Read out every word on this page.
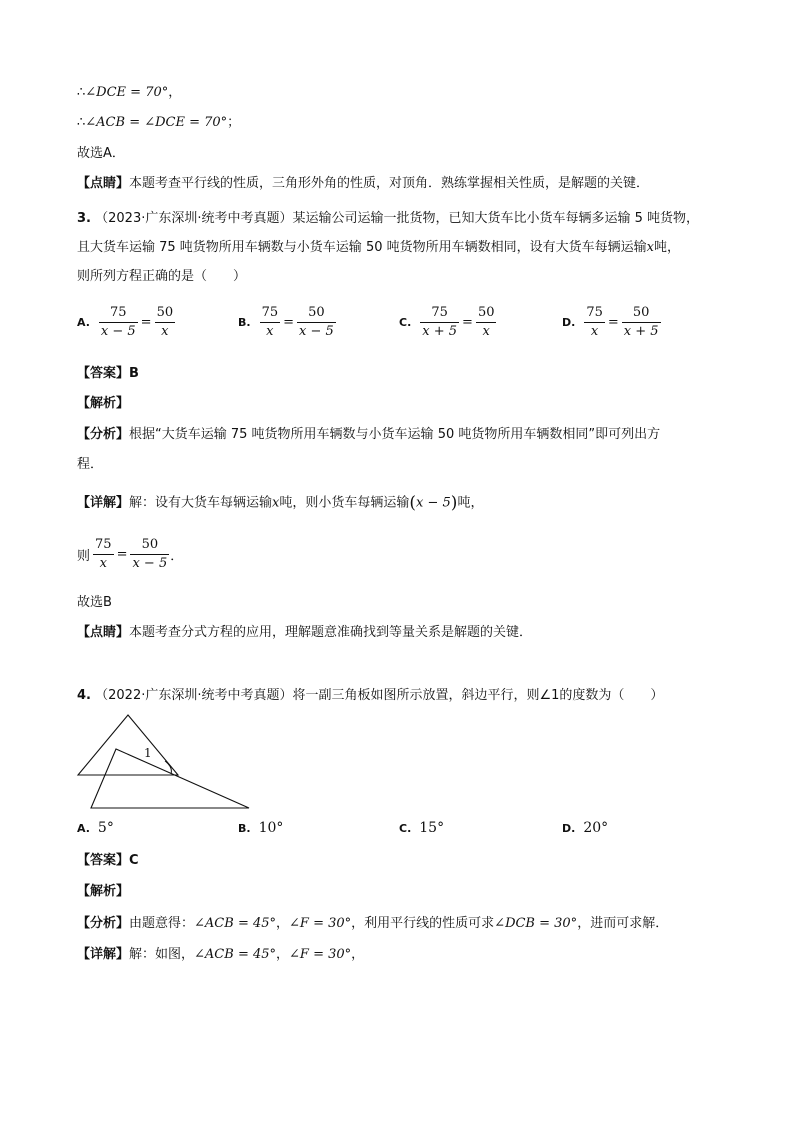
∴∠DCE = 70°，
∴∠ACB = ∠DCE = 70°；
故选A．
【点睛】本题考查平行线的性质，三角形外角的性质，对顶角．熟练掌握相关性质，是解题的关键．
3. （2023·广东深圳·统考中考真题）某运输公司运输一批货物，已知大货车比小货车每辆多运输 5 吨货物，
且大货车运输 75 吨货物所用车辆数与小货车运输 50 吨货物所用车辆数相同，设有大货车每辆运输x吨，
则所列方程正确的是（　　）
A. $\frac{75}{x - 5} = \frac{50}{x}$	B. $\frac{75}{x} = \frac{50}{x - 5}$	C. $\frac{75}{x + 5} = \frac{50}{x}$	D. $\frac{75}{x} = \frac{50}{x + 5}$
【答案】B
【解析】
【分析】根据“大货车运输 75 吨货物所用车辆数与小货车运输 50 吨货物所用车辆数相同”即可列出方
程．
【详解】解：设有大货车每辆运输x吨，则小货车每辆运输(x − 5)吨，
则 $\frac{75}{x} = \frac{50}{x - 5}$ ．
故选B
【点睛】本题考查分式方程的应用，理解题意准确找到等量关系是解题的关键．
4. （2022·广东深圳·统考中考真题）将一副三角板如图所示放置，斜边平行，则∠1的度数为（　　）
1
A. 5°	B. 10°	C. 15°	D. 20°
【答案】C
【解析】
【分析】由题意得：∠ACB = 45°，∠F = 30°，利用平行线的性质可求∠DCB = 30°，进而可求解．
【详解】解：如图，∠ACB = 45°，∠F = 30°，
